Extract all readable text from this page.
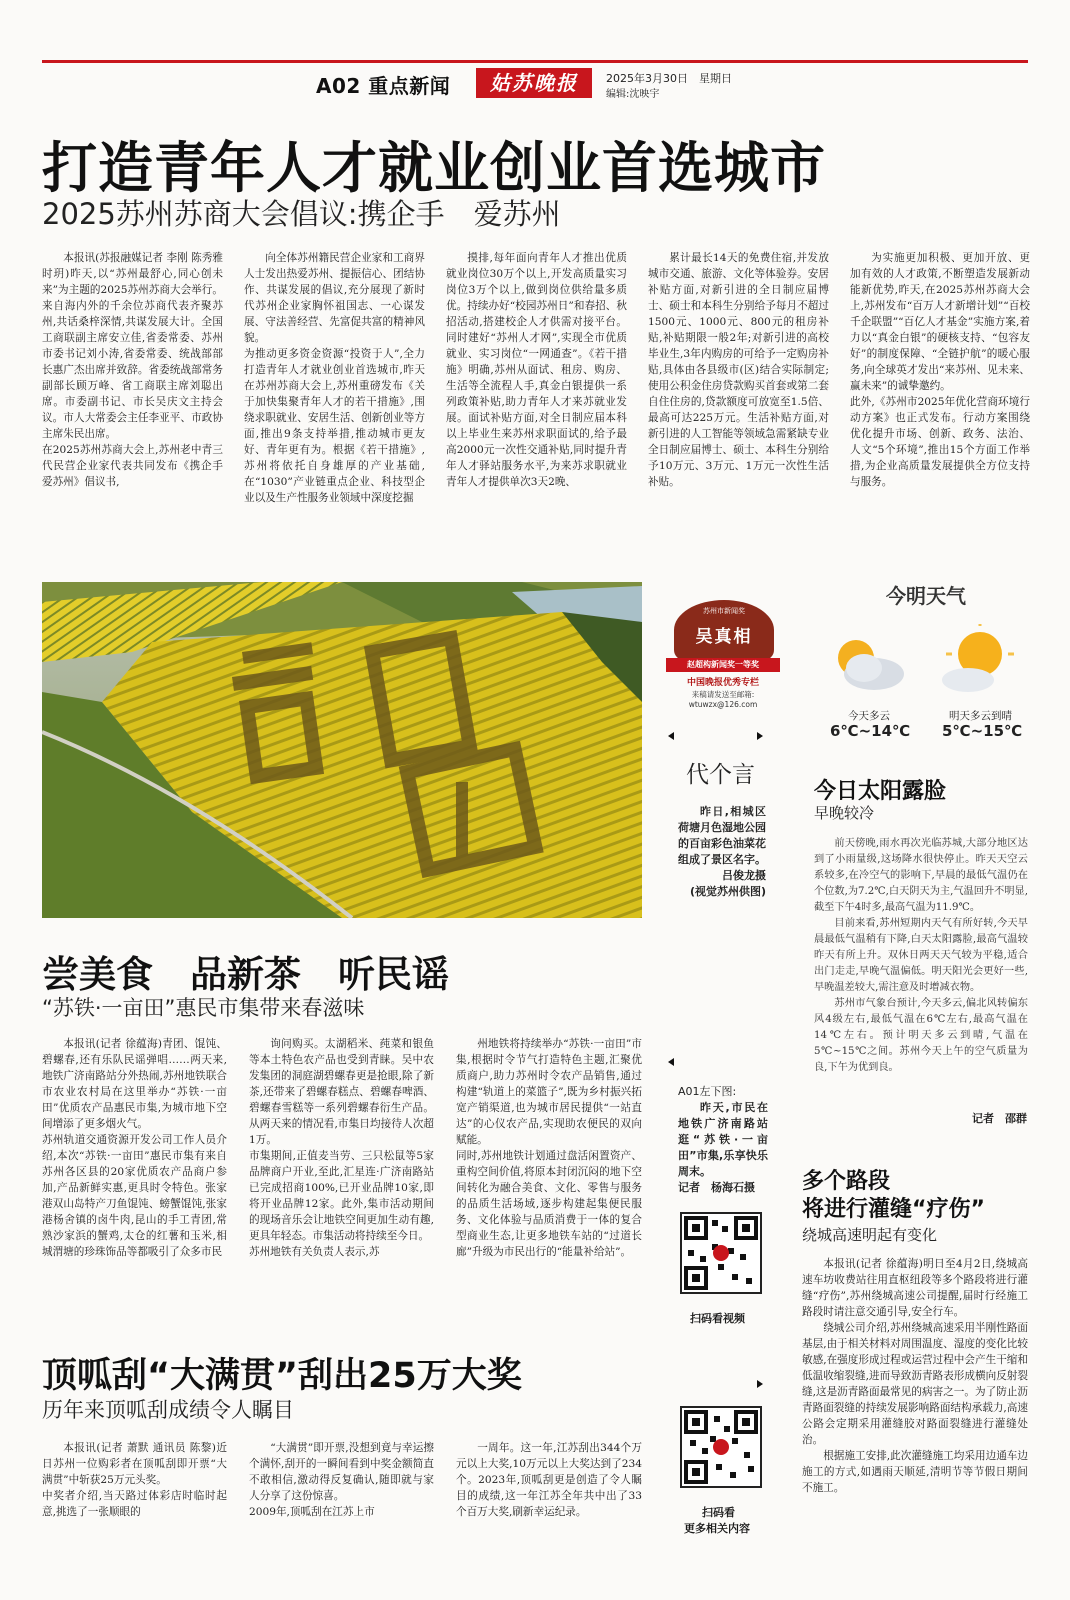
A02 重点新闻	姑苏晚报	2025年3月30日　星期日
编辑:沈映宇
打造青年人才就业创业首选城市
2025苏州苏商大会倡议:携企手　爱苏州

本报讯(苏报融媒记者 李刚 陈秀雅 时玥)昨天,以“苏州最舒心,同心创未来”为主题的2025苏州苏商大会举行。来自海内外的千余位苏商代表齐聚苏州,共话桑梓深情,共谋发展大计。全国工商联副主席安立佳,省委常委、苏州市委书记刘小涛,省委常委、统战部部长惠广杰出席并致辞。省委统战部常务副部长顾万峰、省工商联主席刘聪出席。市委副书记、市长吴庆文主持会议。市人大常委会主任李亚平、市政协主席朱民出席。
在2025苏州苏商大会上,苏州老中青三代民营企业家代表共同发布《携企手 爱苏州》倡议书,

向全体苏州籍民营企业家和工商界人士发出热爱苏州、提振信心、团结协作、共谋发展的倡议,充分展现了新时代苏州企业家胸怀祖国志、一心谋发展、守法善经营、先富促共富的精神风貌。
为推动更多资金资源“投资于人”,全力打造青年人才就业创业首选城市,昨天在苏州苏商大会上,苏州重磅发布《关于加快集聚青年人才的若干措施》,围绕求职就业、安居生活、创新创业等方面,推出9条支持举措,推动城市更友好、青年更有为。根据《若干措施》,苏州将依托自身雄厚的产业基础,在“1030”产业链重点企业、科技型企业以及生产性服务业领域中深度挖掘

摸排,每年面向青年人才推出优质就业岗位30万个以上,开发高质量实习岗位3万个以上,做到岗位供给量多质优。持续办好“校园苏州日”和春招、秋招活动,搭建校企人才供需对接平台。同时建好“苏州人才网”,实现全市优质就业、实习岗位“一网通查”。《若干措施》明确,苏州从面试、租房、购房、生活等全流程人手,真金白银提供一系列政策补贴,助力青年人才来苏就业发展。面试补贴方面,对全日制应届本科以上毕业生来苏州求职面试的,给予最高2000元一次性交通补贴,同时提升青年人才驿站服务水平,为来苏求职就业青年人才提供单次3天2晚、

累计最长14天的免费住宿,并发放城市交通、旅游、文化等体验券。安居补贴方面,对新引进的全日制应届博士、硕士和本科生分别给予每月不超过1500元、1000元、800元的租房补贴,补贴期限一般2年;对新引进的高校毕业生,3年内购房的可给予一定购房补贴,具体由各县级市(区)结合实际制定;使用公积金住房贷款购买首套或第二套自住住房的,贷款额度可放宽至1.5倍、最高可达225万元。生活补贴方面,对新引进的人工智能等领域急需紧缺专业全日制应届博士、硕士、本科生分别给予10万元、3万元、1万元一次性生活补贴。

为实施更加积极、更加开放、更加有效的人才政策,不断塑造发展新动能新优势,昨天,在2025苏州苏商大会上,苏州发布“百万人才新增计划”“百校千企联盟”“百亿人才基金”实施方案,着力以“真金白银”的硬核支持、“包容友好”的制度保障、“全链护航”的暖心服务,向全球英才发出“来苏州、见未来、赢未来”的诚挚邀约。
此外,《苏州市2025年优化营商环境行动方案》也正式发布。行动方案围绕优化提升市场、创新、政务、法治、人文“5个环境”,推出15个方面工作举措,为企业高质量发展提供全方位支持与服务。

苏州市新闻奖
吴真相
赵超构新闻奖一等奖
中国晚报优秀专栏
来稿请发送至邮箱:
wtuwzx@126.com
代个言
昨日,相城区荷塘月色湿地公园的百亩彩色油菜花组成了景区名字。
吕俊龙摄
(视觉苏州供图)
今明天气
今天多云
6℃~14℃
明天多云到晴
5℃~15℃
今日太阳露脸
早晚较冷

前天傍晚,雨水再次光临苏城,大部分地区达到了小雨量级,这场降水很快停止。昨天天空云系较多,在冷空气的影响下,早晨的最低气温仍在个位数,为7.2℃,白天阴天为主,气温回升不明显,截至下午4时多,最高气温为11.9℃。

目前来看,苏州短期内天气有所好转,今天早晨最低气温稍有下降,白天太阳露脸,最高气温较昨天有所上升。双休日两天天气较为平稳,适合出门走走,早晚气温偏低。明天阳光会更好一些,早晚温差较大,需注意及时增减衣物。

苏州市气象台预计,今天多云,偏北风转偏东风4级左右,最低气温在6℃左右,最高气温在14℃左右。预计明天多云到晴,气温在5℃~15℃之间。苏州今天上午的空气质量为良,下午为优到良。

记者　邵群
尝美食　品新茶　听民谣
“苏铁·一亩田”惠民市集带来春滋味

本报讯(记者 徐蕴海)青团、馄饨、碧螺春,还有乐队民谣弹唱……两天来,地铁广济南路站分外热闹,苏州地铁联合市农业农村局在这里举办“苏铁·一亩田”优质农产品惠民市集,为城市地下空间增添了更多烟火气。
苏州轨道交通资源开发公司工作人员介绍,本次“苏铁·一亩田”惠民市集有来自苏州各区县的20家优质农产品商户参加,产品新鲜实惠,更具时令特色。张家港双山岛特产刀鱼馄饨、螃蟹馄饨,张家港杨舍镇的卤牛肉,昆山的手工青团,常熟沙家浜的蟹鸡,太仓的红薯和玉米,相城渭塘的珍珠饰品等都吸引了众多市民

询问购买。太湖稻米、莼菜和银鱼等本土特色农产品也受到青睐。吴中农发集团的洞庭湖碧螺春更是抢眼,除了新茶,还带来了碧螺春糕点、碧螺春啤酒、碧螺春雪糕等一系列碧螺春衍生产品。从两天来的情况看,市集日均接待人次超1万。
市集期间,正值麦当劳、三只松鼠等5家品牌商户开业,至此,汇星连·广济南路站已完成招商100%,已开业品牌10家,即将开业品牌12家。此外,集市活动期间的现场音乐会让地铁空间更加生动有趣,更具年轻态。市集活动将持续至今日。
苏州地铁有关负责人表示,苏

州地铁将持续举办“苏铁·一亩田”市集,根据时令节气打造特色主题,汇聚优质商户,助力苏州时令农产品销售,通过构建“轨道上的菜篮子”,既为乡村振兴拓宽产销渠道,也为城市居民提供“一站直达”的心仪农产品,实现助农便民的双向赋能。
同时,苏州地铁计划通过盘活闲置资产、重构空间价值,将原本封闭沉闷的地下空间转化为融合美食、文化、零售与服务的品质生活场域,逐步构建起集便民服务、文化体验与品质消费于一体的复合型商业生态,让更多地铁车站的“过道长廊”升级为市民出行的“能量补给站”。

A01左下图:
昨天,市民在地铁广济南路站逛“苏铁·一亩田”市集,乐享快乐周末。
记者　杨海石摄
扫码看视频
顶呱刮“大满贯”刮出25万大奖
历年来顶呱刮成绩令人瞩目

本报讯(记者 萧默 通讯员 陈黎)近日苏州一位购彩者在顶呱刮即开票“大满贯”中斩获25万元头奖。
中奖者介绍,当天路过体彩店时临时起意,挑选了一张顺眼的

“大满贯”即开票,没想到竟与幸运擦个满怀,刮开的一瞬间看到中奖金额简直不敢相信,激动得反复确认,随即就与家人分享了这份惊喜。
2009年,顶呱刮在江苏上市

一周年。这一年,江苏刮出344个万元以上大奖,10万元以上大奖达到了234个。2023年,顶呱刮更是创造了令人瞩目的成绩,这一年江苏全年共中出了33个百万大奖,刷新幸运纪录。	扫码看
更多相关内容
多个路段
将进行灌缝“疗伤”
绕城高速明起有变化

本报讯(记者 徐蕴海)明日至4月2日,绕城高速车坊收费站往用直枢纽段等多个路段将进行灌缝“疗伤”,苏州绕城高速公司提醒,届时行经施工路段时请注意交通引导,安全行车。

绕城公司介绍,苏州绕城高速采用半刚性路面基层,由于相关材料对周围温度、湿度的变化比较敏感,在强度形成过程或运营过程中会产生干缩和低温收缩裂缝,进而导致沥青路表形成横向反射裂缝,这是沥青路面最常见的病害之一。为了防止沥青路面裂缝的持续发展影响路面结构承载力,高速公路会定期采用灌缝胶对路面裂缝进行灌缝处治。

根据施工安排,此次灌缝施工均采用边通车边施工的方式,如遇雨天顺延,清明节等节假日期间不施工。
